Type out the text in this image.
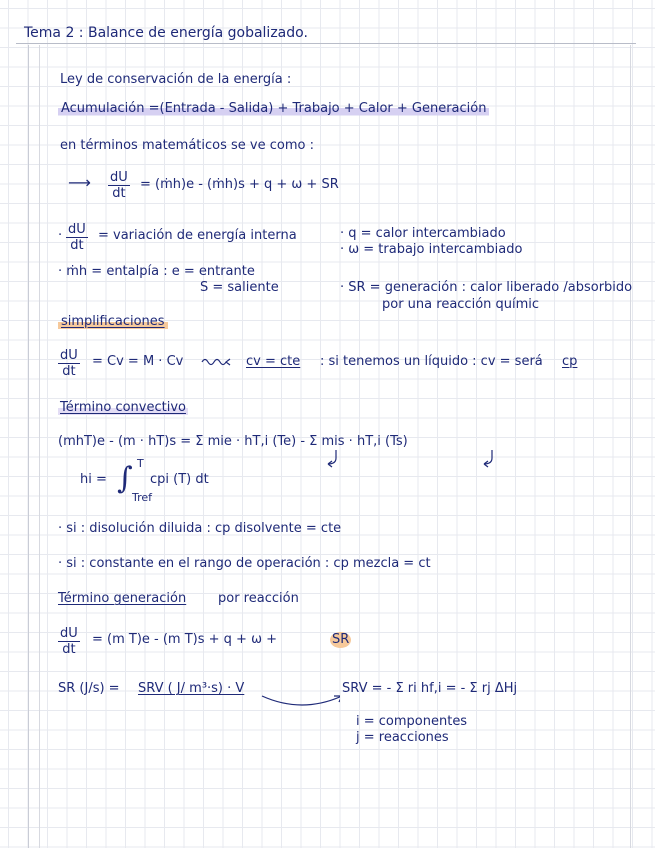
Tema 2 : Balance de energía gobalizado.
Ley de conservación de la energía :
Acumulación =(Entrada - Salida) + Trabajo + Calor + Generación
en términos matemáticos se ve como :
⟶ $\frac{dU}{dt}$ = (ṁh)e - (ṁh)s + q + ω + SR
· $\frac{dU}{dt}$ = variación de energía interna
· ṁh = entalpía : e = entrante
S = saliente
· q = calor intercambiado
· ω = trabajo intercambiado
· SR = generación : calor liberado /absorbido
por una reacción químic
simplificaciones
$\frac{dU}{dt} = Cv = M \cdot Cv$	cv = cte : si tenemos un líquido : cv = será cp
Término convectivo
(mhT)e - (m · hT)s = Σ mie · hT,i (Te) - Σ mis · hT,i (Ts)
hi = ∫ T
Tref
cpi (T) dt
· si : disolución diluida : cp disolvente = cte
· si : constante en el rango de operación : cp mezcla = ct
Término generación por reacción
$\frac{dU}{dt} = (m$ T)e - (m T)s + q + ω +	SR
SR (J/s) = SRV ( J/ m³·s) · V	SRV = - Σ ri hf,i = - Σ rj ΔHj
i = componentes
j = reacciones
